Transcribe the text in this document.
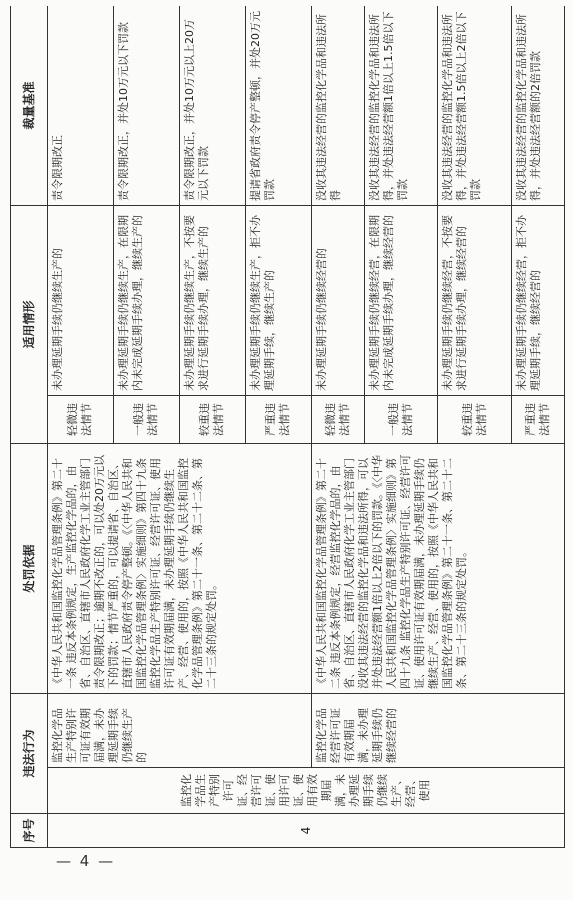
序号	违法行为		处罚依据	适用情形		裁量基准
4	监控化学品生产特别许可证、经营许可证、使用许可证、使用有效期届满，未办理延期手续仍继续生产、经营、使用	监控化学品生产特别许可证有效期届满，未办理延期手续仍继续生产的	《中华人民共和国监控化学品管理条例》第二十一条 违反本条例规定，生产监控化学品的，由省、自治区、直辖市人民政府化学工业主管部门责令限期改正；逾期不改正的，可以处20万元以下的罚款；情节严重的，可以提请省、自治区、直辖市人民政府责令停产整顿。《〈中华人民共和国监控化学品管理条例〉实施细则》第四十九条 监控化学品生产特别许可证、经营许可证、使用许可证有效期届满，未办理延期手续仍继续生产、经营、使用的，按照《中华人民共和国监控化学品管理条例》第二十一条、第二十二条、第二十三条的规定处罚。	轻微违法情节	未办理延期手续仍继续生产的	责令限期改正
				一般违法情节	未办理延期手续仍继续生产，在限期内未完成延期手续办理，继续生产的	责令限期改正，并处10万元以下罚款
				较重违法情节	未办理延期手续仍继续生产，不按要求进行延期手续办理，继续生产的	责令限期改正，并处10万元以上20万元以下罚款
				严重违法情节	未办理延期手续仍继续生产，拒不办理延期手续，继续生产的	提请省政府责令停产整顿，并处20万元罚款
		监控化学品经营许可证有效期届满，未办理延期手续仍继续经营的	《中华人民共和国监控化学品管理条例》第二十二条 违反本条例规定，经营监控化学品的，由省、自治区、直辖市人民政府化学工业主管部门没收其违法经营的监控化学品和违法所得，可以并处违法经营额1倍以上2倍以下的罚款。《〈中华人民共和国监控化学品管理条例〉实施细则》第四十九条 监控化学品生产特别许可证、经营许可证、使用许可证有效期届满，未办理延期手续仍继续生产、经营、使用的，按照《中华人民共和国监控化学品管理条例》第二十一条、第二十二条、第二十三条的规定处罚。	轻微违法情节	未办理延期手续仍继续经营的	没收其违法经营的监控化学品和违法所得
				一般违法情节	未办理延期手续仍继续经营，在限期内未完成延期手续办理，继续经营的	没收其违法经营的监控化学品和违法所得，并处违法经营额1倍以上1.5倍以下罚款
				较重违法情节	未办理延期手续仍继续经营，不按要求进行延期手续办理，继续经营的	没收其违法经营的监控化学品和违法所得，并处违法经营额1.5倍以上2倍以下罚款
				严重违法情节	未办理延期手续仍继续经营，拒不办理延期手续，继续经营的	没收其违法经营的监控化学品和违法所得，并处违法经营额的2倍罚款
— 4 —
